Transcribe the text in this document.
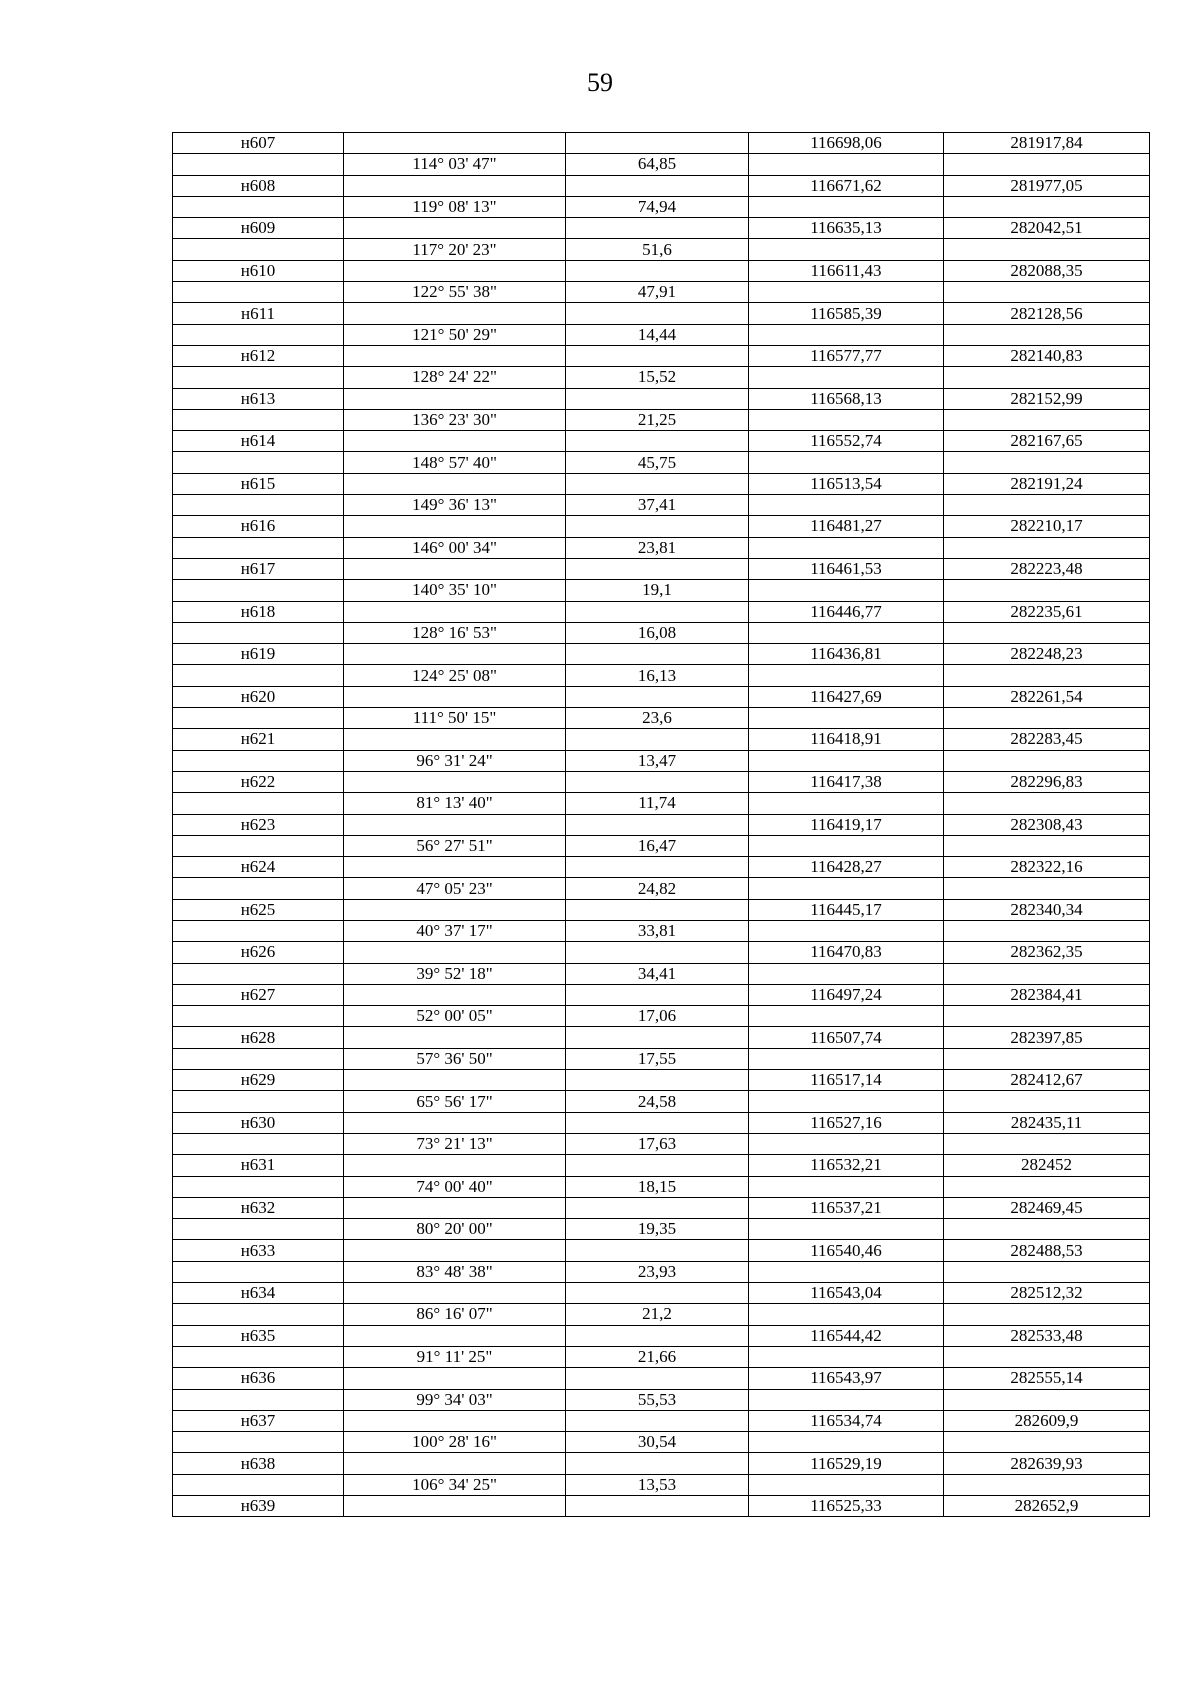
59
н607			116698,06	281917,84
	114° 03' 47"	64,85		
н608			116671,62	281977,05
	119° 08' 13"	74,94		
н609			116635,13	282042,51
	117° 20' 23"	51,6		
н610			116611,43	282088,35
	122° 55' 38"	47,91		
н611			116585,39	282128,56
	121° 50' 29"	14,44		
н612			116577,77	282140,83
	128° 24' 22"	15,52		
н613			116568,13	282152,99
	136° 23' 30"	21,25		
н614			116552,74	282167,65
	148° 57' 40"	45,75		
н615			116513,54	282191,24
	149° 36' 13"	37,41		
н616			116481,27	282210,17
	146° 00' 34"	23,81		
н617			116461,53	282223,48
	140° 35' 10"	19,1		
н618			116446,77	282235,61
	128° 16' 53"	16,08		
н619			116436,81	282248,23
	124° 25' 08"	16,13		
н620			116427,69	282261,54
	111° 50' 15"	23,6		
н621			116418,91	282283,45
	96° 31' 24"	13,47		
н622			116417,38	282296,83
	81° 13' 40"	11,74		
н623			116419,17	282308,43
	56° 27' 51"	16,47		
н624			116428,27	282322,16
	47° 05' 23"	24,82		
н625			116445,17	282340,34
	40° 37' 17"	33,81		
н626			116470,83	282362,35
	39° 52' 18"	34,41		
н627			116497,24	282384,41
	52° 00' 05"	17,06		
н628			116507,74	282397,85
	57° 36' 50"	17,55		
н629			116517,14	282412,67
	65° 56' 17"	24,58		
н630			116527,16	282435,11
	73° 21' 13"	17,63		
н631			116532,21	282452
	74° 00' 40"	18,15		
н632			116537,21	282469,45
	80° 20' 00"	19,35		
н633			116540,46	282488,53
	83° 48' 38"	23,93		
н634			116543,04	282512,32
	86° 16' 07"	21,2		
н635			116544,42	282533,48
	91° 11' 25"	21,66		
н636			116543,97	282555,14
	99° 34' 03"	55,53		
н637			116534,74	282609,9
	100° 28' 16"	30,54		
н638			116529,19	282639,93
	106° 34' 25"	13,53		
н639			116525,33	282652,9
